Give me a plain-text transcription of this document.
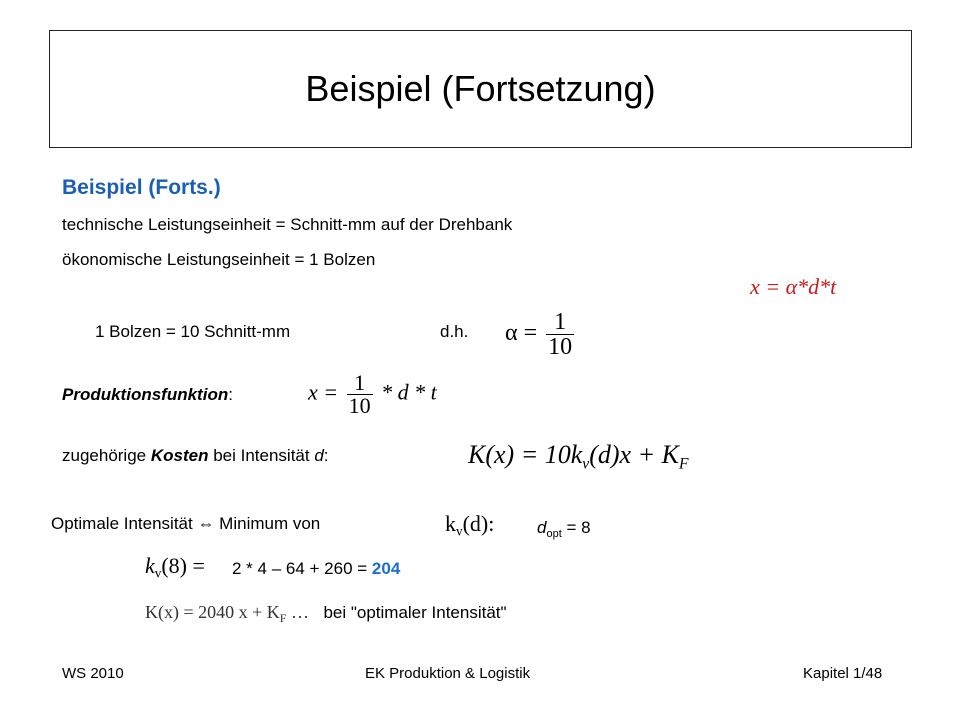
Beispiel (Fortsetzung)
Beispiel (Forts.)
technische Leistungseinheit = Schnitt-mm auf der Drehbank
ökonomische Leistungseinheit = 1 Bolzen
x = α*d*t
1 Bolzen = 10 Schnitt-mm	d.h. $\alpha = \frac{1}{10}$
Produktionsfunktion:	$x = \frac{1}{10} * d * t$
zugehörige Kosten bei Intensität d:	$K(x) = 10k_v(d)x + K_F$
Optimale Intensität ⇔ Minimum von	$k_v(d)$:	$d_{opt} = 8$
$k_v(8) = 2 * 4 - 64 + 260 = 204$
K(x) = 2040 $x + K_F$ … bei "optimaler Intensität"
WS 2010	EK Produktion & Logistik	Kapitel 1/48
